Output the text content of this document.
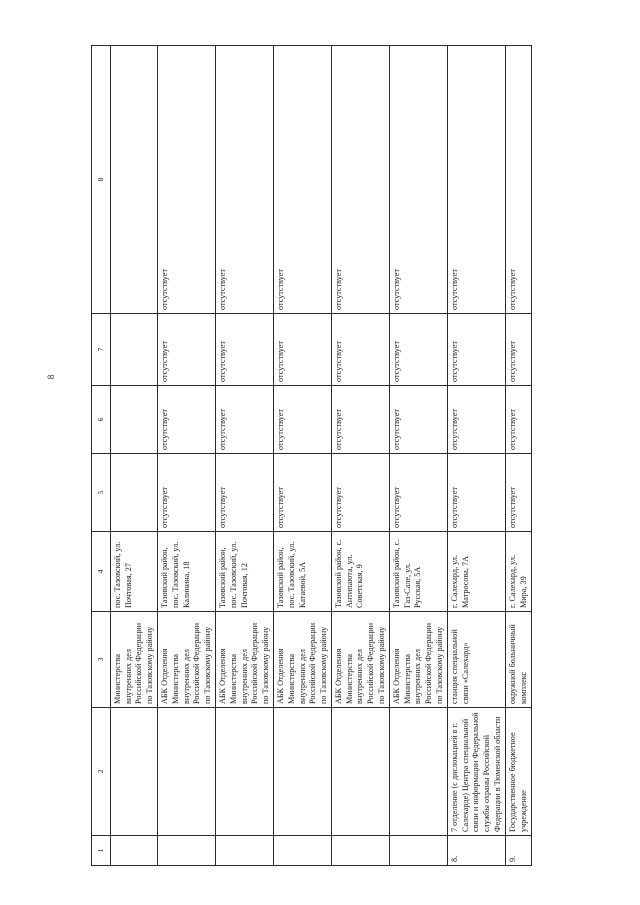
8
1	2	3	4	5	6	7	8
		Министерства внутренних дел Российской Федерации по Тазовскому району	пос. Тазовский, ул. Почтовая, 27				
		АБК Отделения Министерства внутренних дел Российской Федерации по Тазовскому району	Тазовский район, пос. Тазовский, ул. Калинина, 18	отсутствует	отсутствует	отсутствует	отсутствует
		АБК Отделения Министерства внутренних дел Российской Федерации по Тазовскому району	Тазовский район, пос. Тазовский, ул. Почтовая, 12	отсутствует	отсутствует	отсутствует	отсутствует
		АБК Отделения Министерства внутренних дел Российской Федерации по Тазовскому району	Тазовский район, пос. Тазовский, ул. Катаевой, 5А	отсутствует	отсутствует	отсутствует	отсутствует
		АБК Отделения Министерства внутренних дел Российской Федерации по Тазовскому району	Тазовский район, с. Антипаюта, ул. Советская, 9	отсутствует	отсутствует	отсутствует	отсутствует
		АБК Отделения Министерства внутренних дел Российской Федерации по Тазовскому району	Тазовский район, с. Газ-Сале, ул. Русская, 5А	отсутствует	отсутствует	отсутствует	отсутствует
8.	7 отделение (с дислокацией в г. Салехарде) Центра специальной связи и информации Федеральной службы охраны Российской Федерации в Тюменской области	станция специальной связи «Салехард»	г. Салехард, ул. Матросова, 7А	отсутствует	отсутствует	отсутствует	отсутствует
9.	Государственное бюджетное учреждение	окружной больничный комплекс	г. Салехард, ул. Мира, 39	отсутствует	отсутствует	отсутствует	отсутствует
